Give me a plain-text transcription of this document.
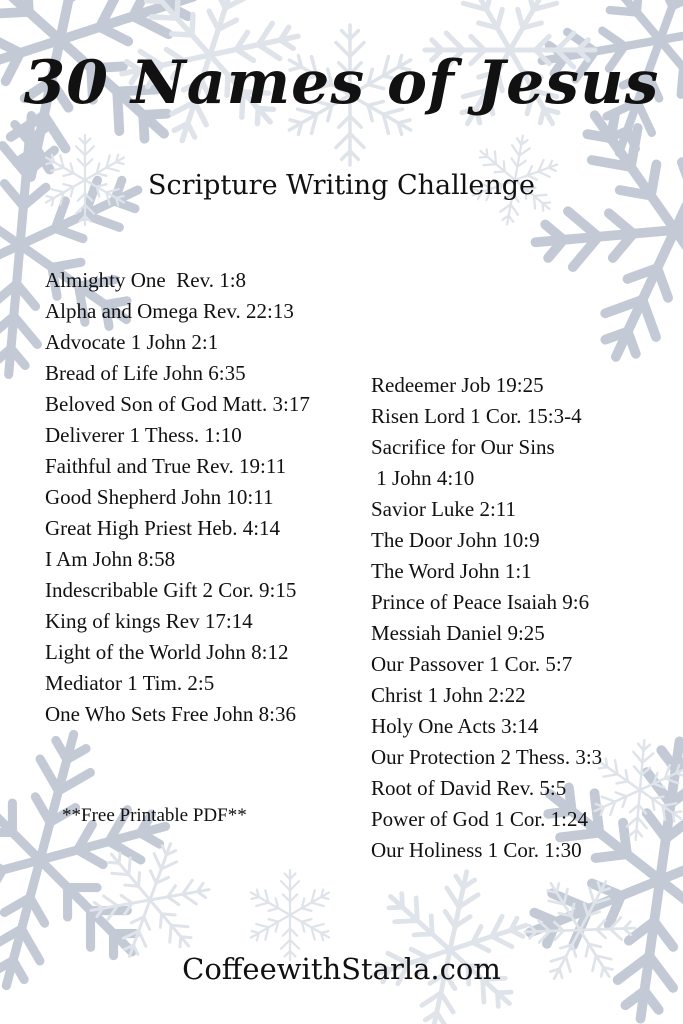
30 Names of Jesus
Scripture Writing Challenge
Almighty One  Rev. 1:8
Alpha and Omega Rev. 22:13
Advocate 1 John 2:1
Bread of Life John 6:35
Beloved Son of God Matt. 3:17
Deliverer 1 Thess. 1:10
Faithful and True Rev. 19:11
Good Shepherd John 10:11
Great High Priest Heb. 4:14
I Am John 8:58
Indescribable Gift 2 Cor. 9:15
King of kings Rev 17:14
Light of the World John 8:12
Mediator 1 Tim. 2:5
One Who Sets Free John 8:36
Redeemer Job 19:25
Risen Lord 1 Cor. 15:3-4
Sacrifice for Our Sins
1 John 4:10
Savior Luke 2:11
The Door John 10:9
The Word John 1:1
Prince of Peace Isaiah 9:6
Messiah Daniel 9:25
Our Passover 1 Cor. 5:7
Christ 1 John 2:22
Holy One Acts 3:14
Our Protection 2 Thess. 3:3
Root of David Rev. 5:5
Power of God 1 Cor. 1:24
Our Holiness 1 Cor. 1:30
**Free Printable PDF**
CoffeewithStarla.com
